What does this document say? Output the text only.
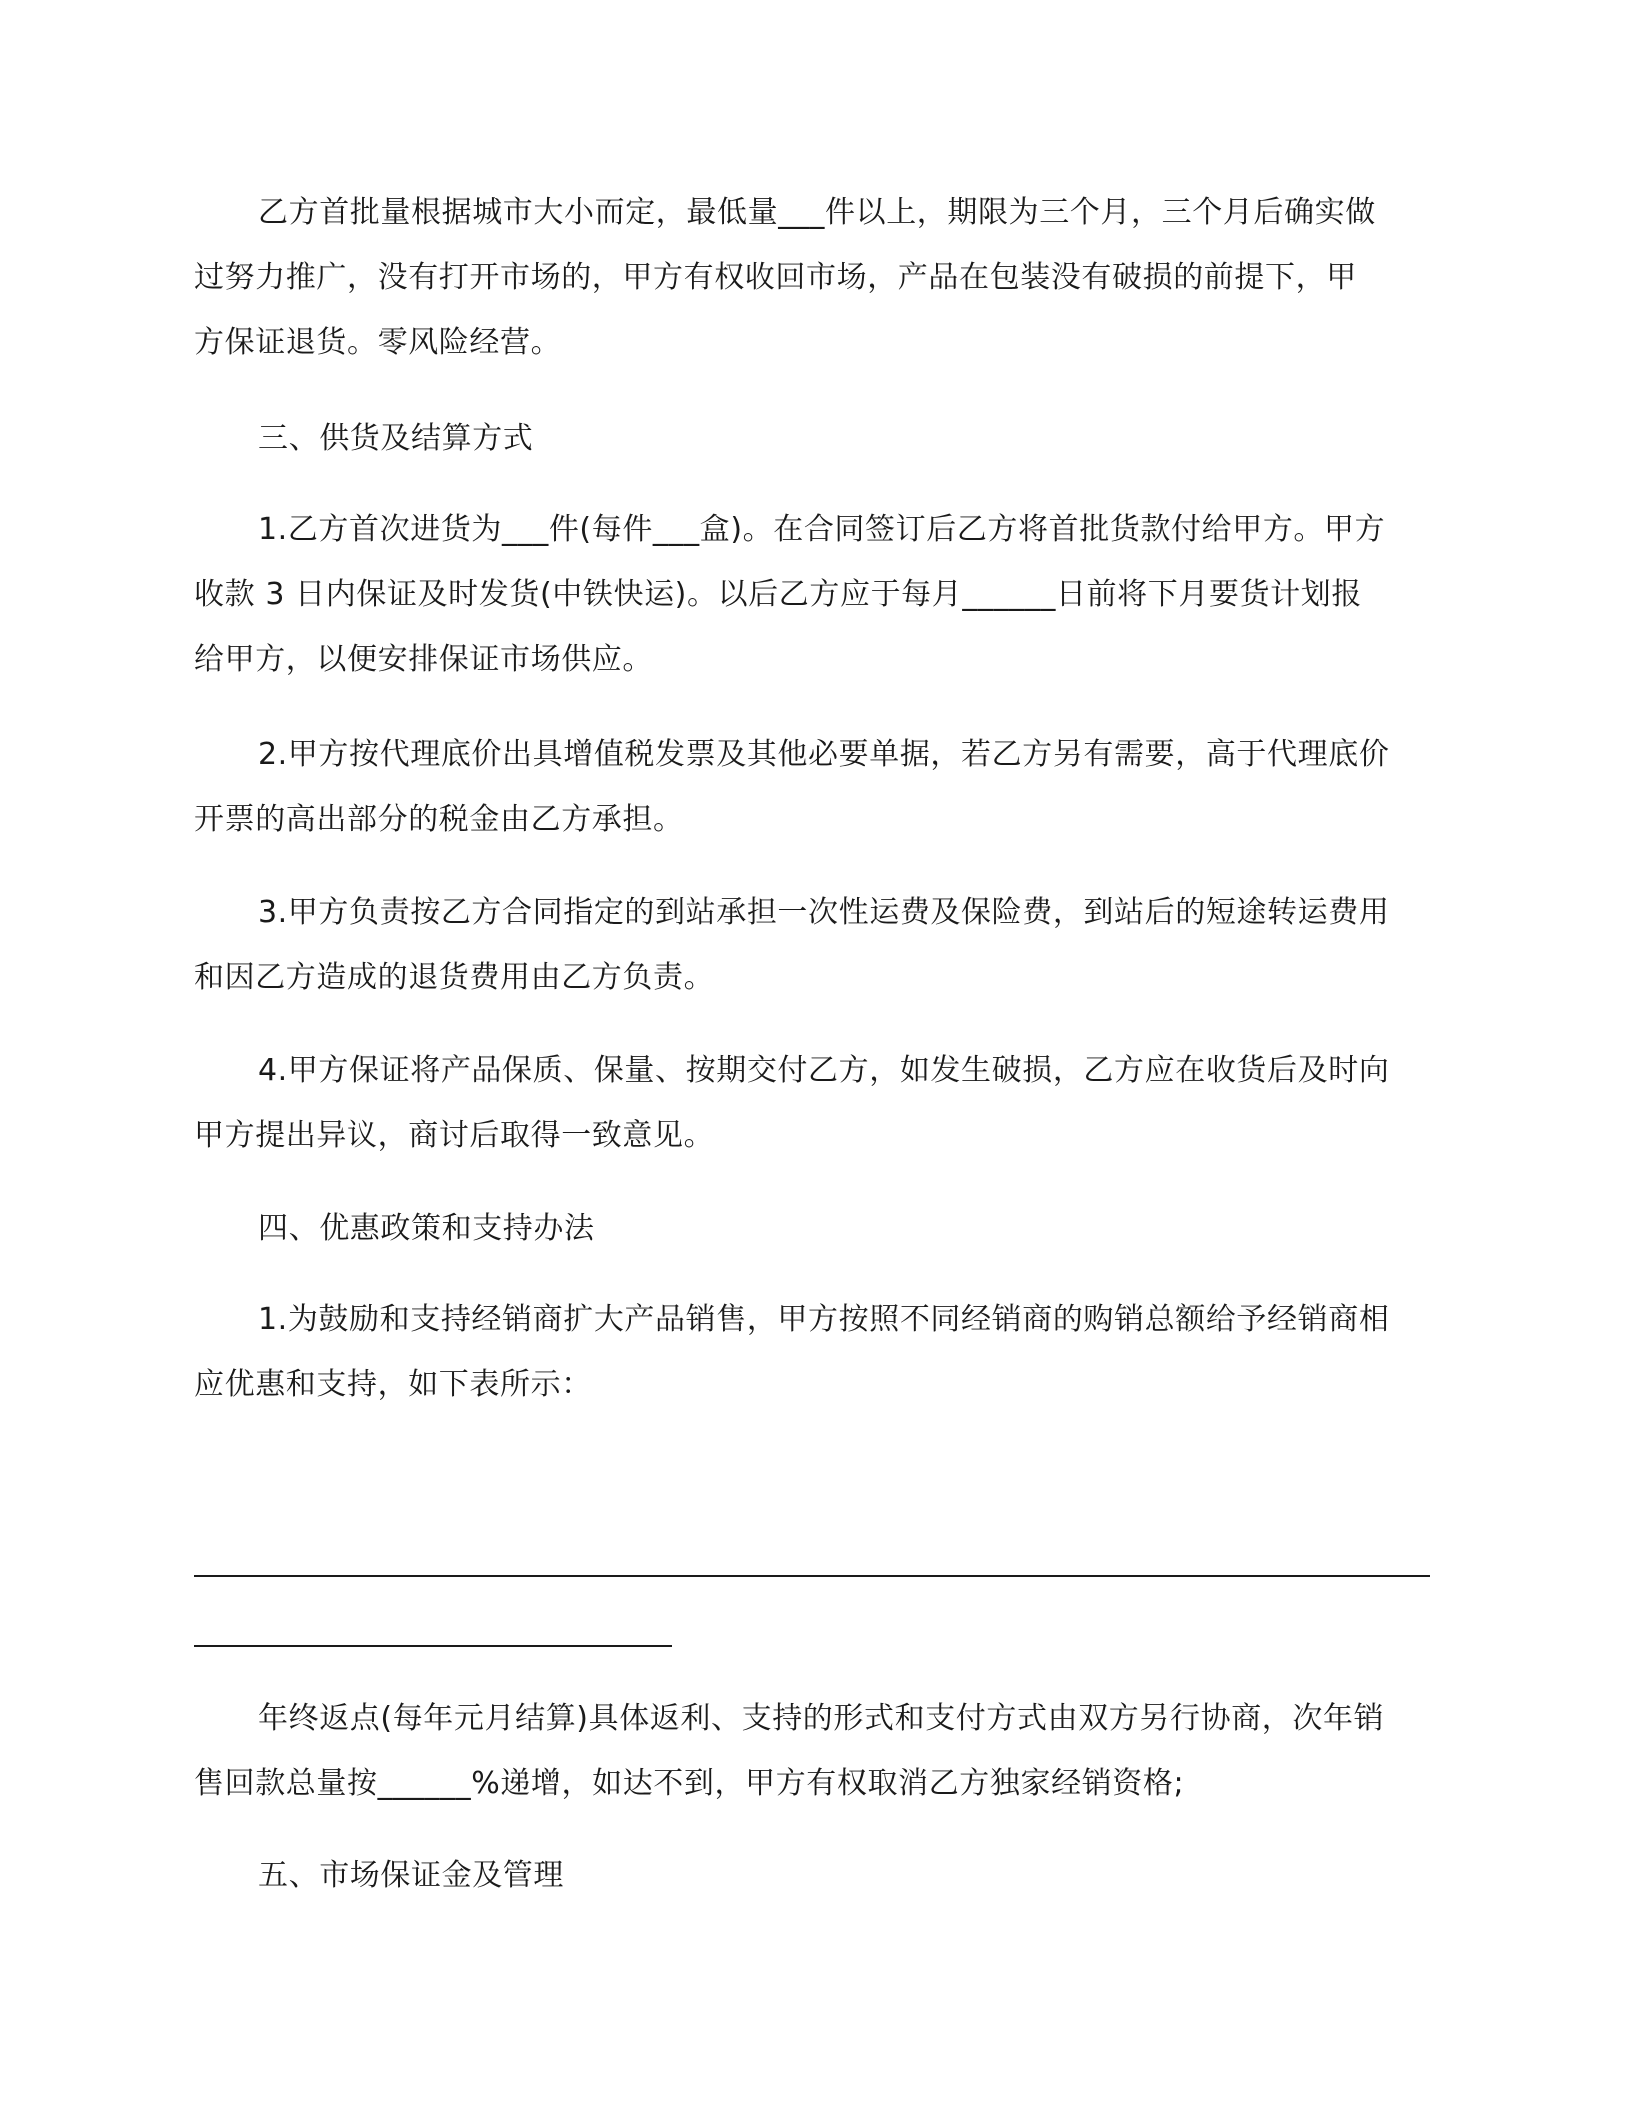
乙方首批量根据城市大小而定，最低量___件以上，期限为三个月，三个月后确实做
过努力推广，没有打开市场的，甲方有权收回市场，产品在包装没有破损的前提下，甲
方保证退货。零风险经营。
三、供货及结算方式
1.乙方首次进货为___件(每件___盒)。在合同签订后乙方将首批货款付给甲方。甲方
收款 3 日内保证及时发货(中铁快运)。以后乙方应于每月______日前将下月要货计划报
给甲方，以便安排保证市场供应。
2.甲方按代理底价出具增值税发票及其他必要单据，若乙方另有需要，高于代理底价
开票的高出部分的税金由乙方承担。
3.甲方负责按乙方合同指定的到站承担一次性运费及保险费，到站后的短途转运费用
和因乙方造成的退货费用由乙方负责。
4.甲方保证将产品保质、保量、按期交付乙方，如发生破损，乙方应在收货后及时向
甲方提出异议，商讨后取得一致意见。
四、优惠政策和支持办法
1.为鼓励和支持经销商扩大产品销售，甲方按照不同经销商的购销总额给予经销商相
应优惠和支持，如下表所示：
年终返点(每年元月结算)具体返利、支持的形式和支付方式由双方另行协商，次年销
售回款总量按______%递增，如达不到，甲方有权取消乙方独家经销资格;
五、市场保证金及管理
